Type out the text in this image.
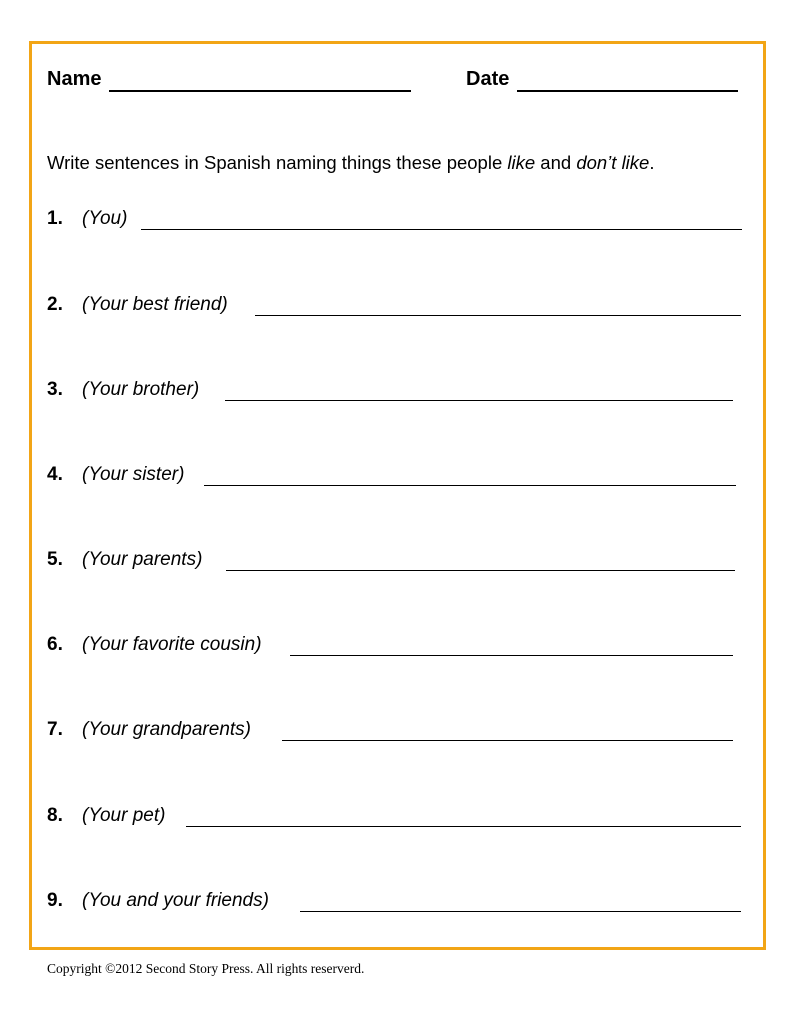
Name	Date
Write sentences in Spanish naming things these people like and don’t like.
1. (You)
2. (Your best friend)
3. (Your brother)
4. (Your sister)
5. (Your parents)
6. (Your favorite cousin)
7. (Your grandparents)
8. (Your pet)
9. (You and your friends)
Copyright ©2012 Second Story Press. All rights reserverd.
